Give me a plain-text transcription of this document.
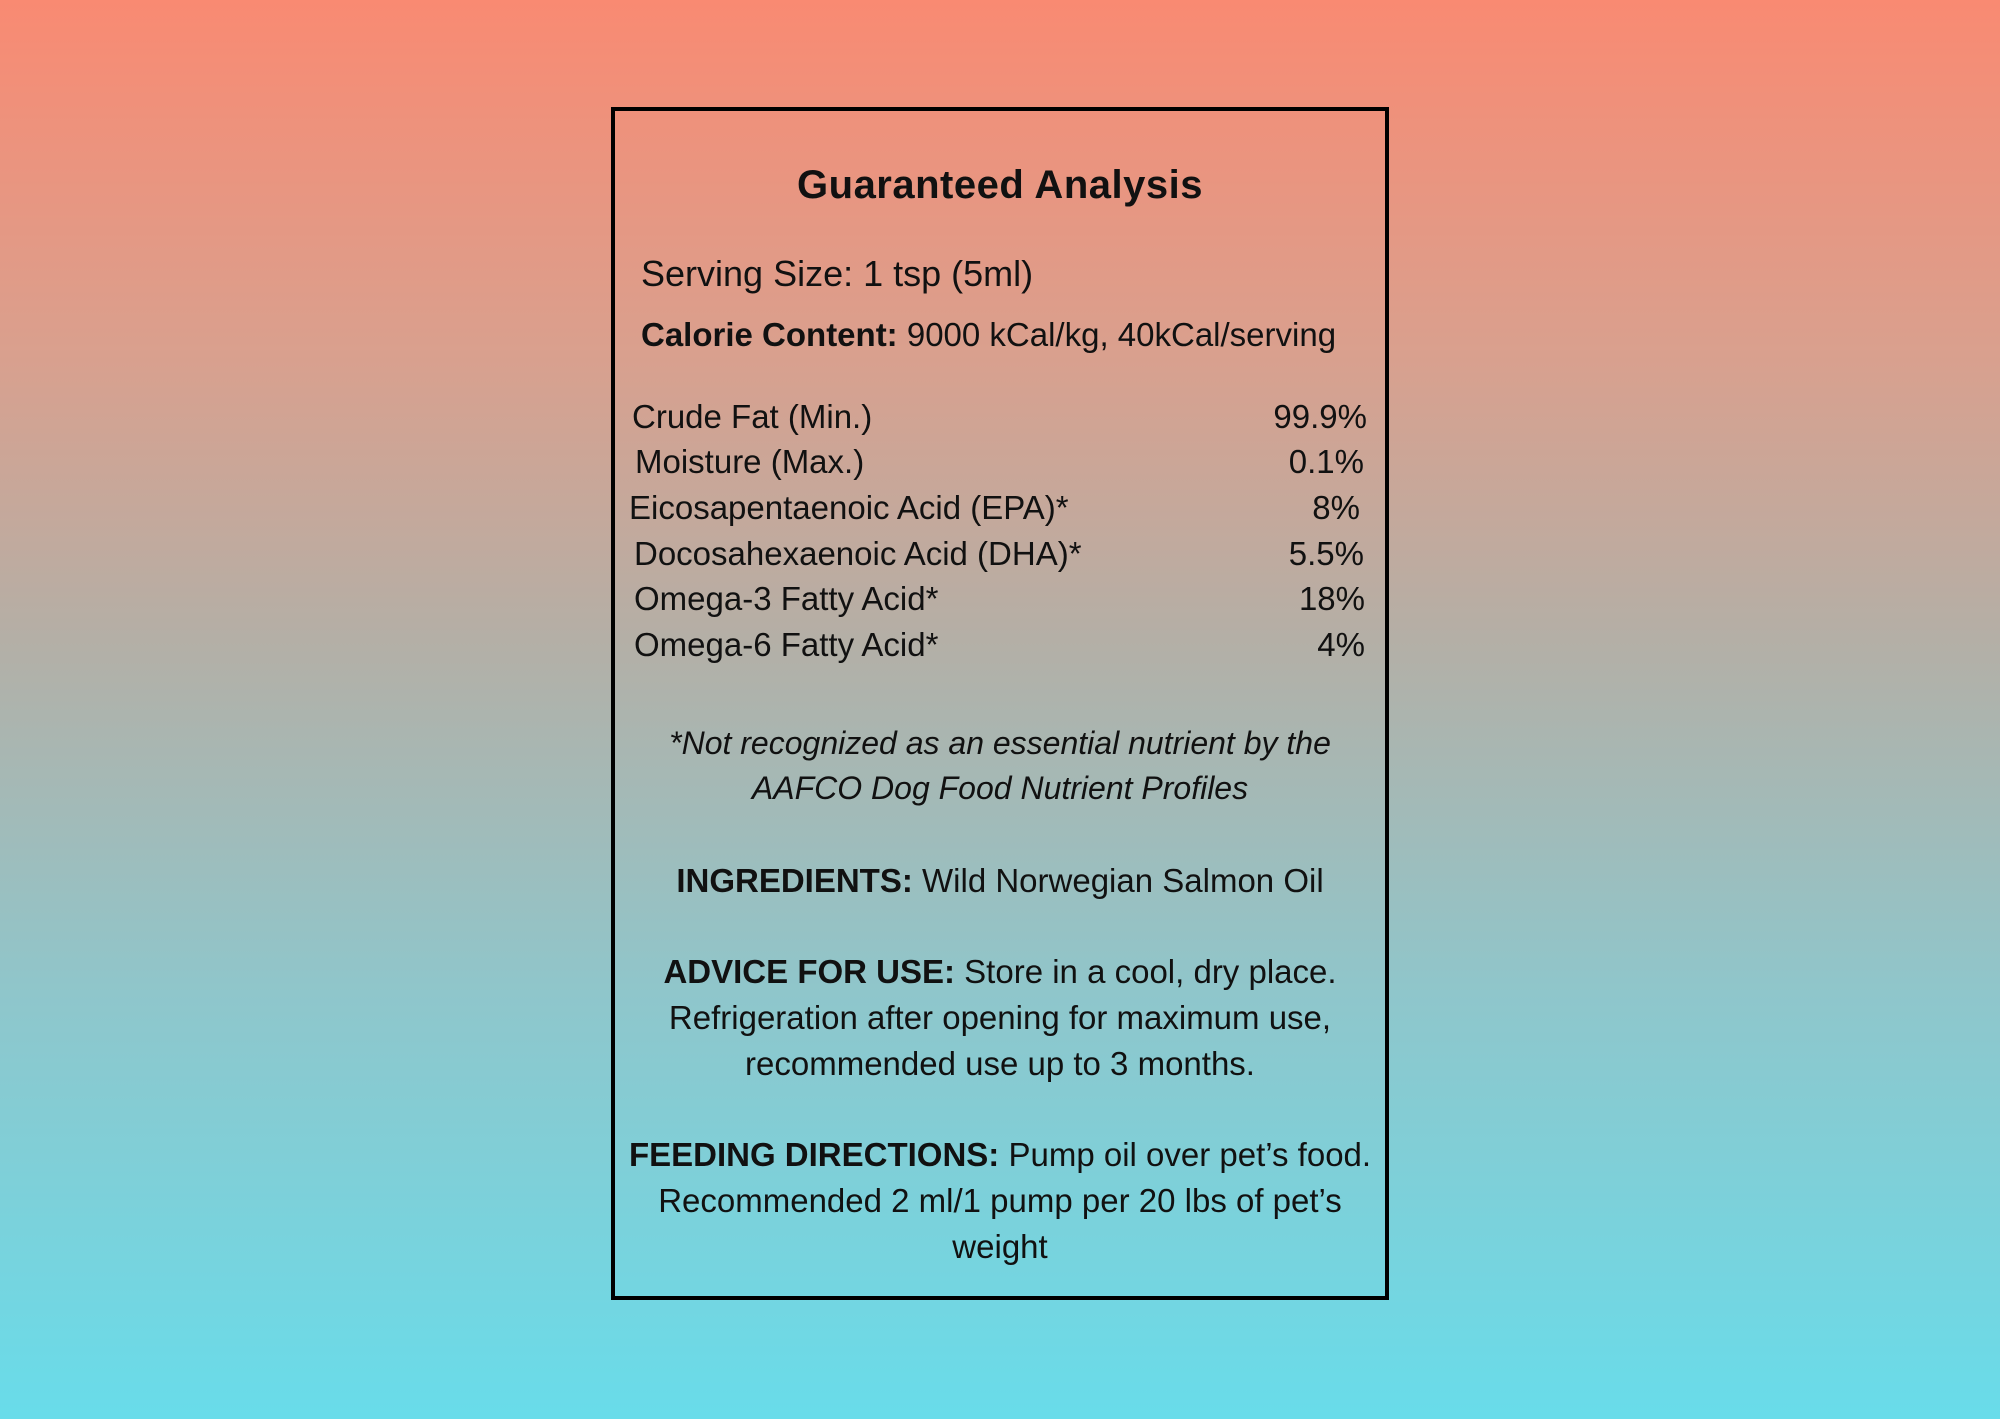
Guaranteed Analysis
Serving Size: 1 tsp (5ml)
Calorie Content: 9000 kCal/kg, 40kCal/serving
Crude Fat (Min.)	99.9%
Moisture (Max.)	0.1%
Eicosapentaenoic Acid (EPA)*	8%
Docosahexaenoic Acid (DHA)*	5.5%
Omega-3 Fatty Acid*	18%
Omega-6 Fatty Acid*	4%
*Not recognized as an essential nutrient by the
AAFCO Dog Food Nutrient Profiles
INGREDIENTS: Wild Norwegian Salmon Oil
ADVICE FOR USE: Store in a cool, dry place.
Refrigeration after opening for maximum use,
recommended use up to 3 months.
FEEDING DIRECTIONS: Pump oil over pet’s food.
Recommended 2 ml/1 pump per 20 lbs of pet’s
weight
